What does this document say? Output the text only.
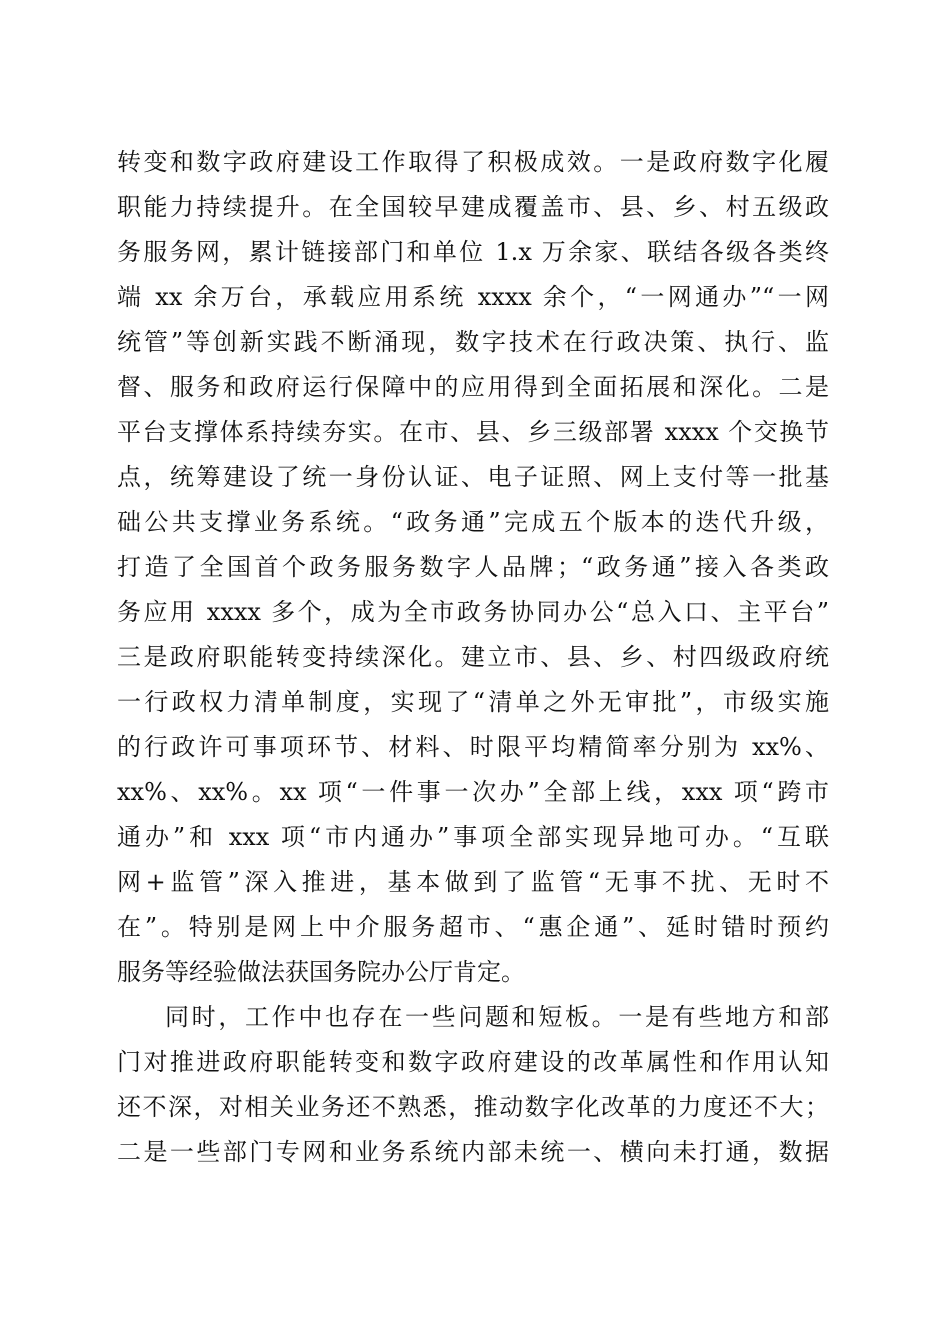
转变和数字政府建设工作取得了积极成效。一是政府数字化履
职能力持续提升。在全国较早建成覆盖市、县、乡、村五级政
务服务网，累计链接部门和单位 1.x 万余家、联结各级各类终
端 xx 余万台，承载应用系统 xxxx 余个，“一网通办”“一网
统管”等创新实践不断涌现，数字技术在行政决策、执行、监
督、服务和政府运行保障中的应用得到全面拓展和深化。二是
平台支撑体系持续夯实。在市、县、乡三级部署 xxxx 个交换节
点，统筹建设了统一身份认证、电子证照、网上支付等一批基
础公共支撑业务系统。“政务通”完成五个版本的迭代升级，
打造了全国首个政务服务数字人品牌；“政务通”接入各类政
务应用 xxxx 多个，成为全市政务协同办公“总入口、主平台”
三是政府职能转变持续深化。建立市、县、乡、村四级政府统
一行政权力清单制度，实现了“清单之外无审批”，市级实施
的行政许可事项环节、材料、时限平均精简率分别为 xx%、
xx%、xx%。xx 项“一件事一次办”全部上线，xxx 项“跨市
通办”和 xxx 项“市内通办”事项全部实现异地可办。“互联
网+监管”深入推进，基本做到了监管“无事不扰、无时不
在”。特别是网上中介服务超市、“惠企通”、延时错时预约
服务等经验做法获国务院办公厅肯定。
同时，工作中也存在一些问题和短板。一是有些地方和部
门对推进政府职能转变和数字政府建设的改革属性和作用认知
还不深，对相关业务还不熟悉，推动数字化改革的力度还不大；
二是一些部门专网和业务系统内部未统一、横向未打通，数据
